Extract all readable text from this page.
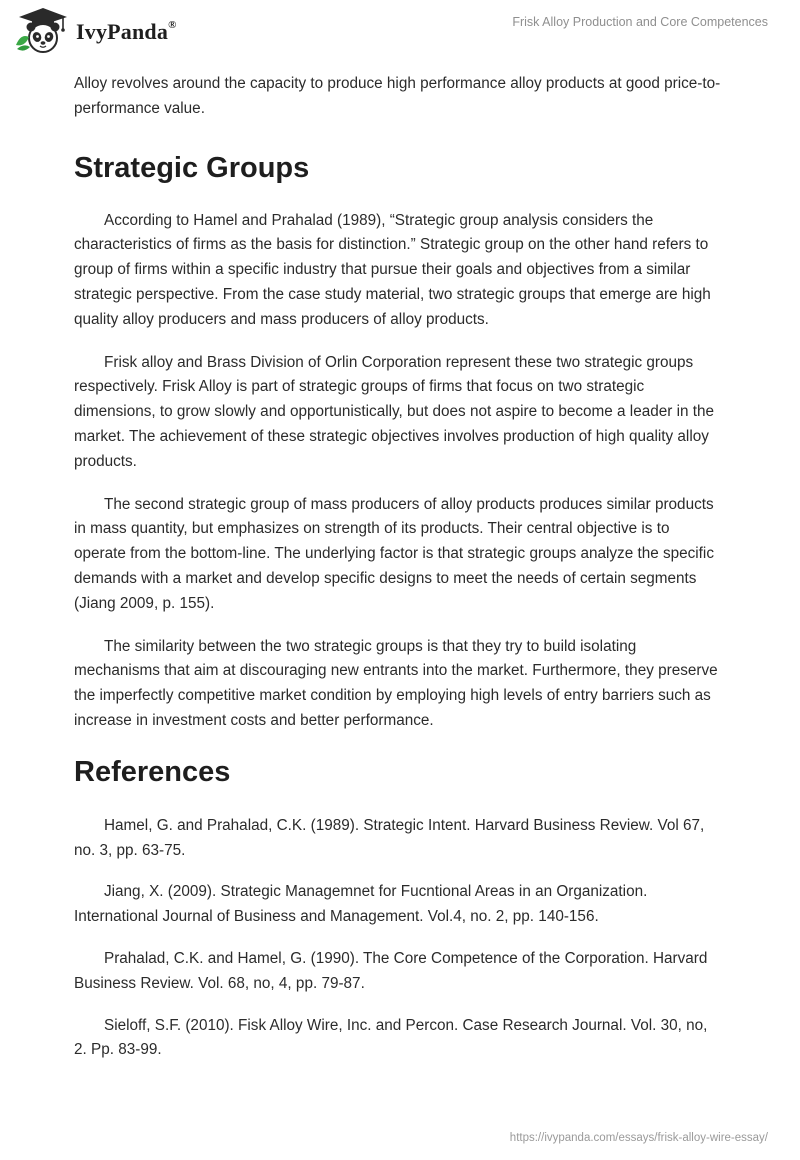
IvyPanda®	Frisk Alloy Production and Core Competences

Alloy revolves around the capacity to produce high performance alloy products at good price-to-performance value.

Strategic Groups

According to Hamel and Prahalad (1989), “Strategic group analysis considers the characteristics of firms as the basis for distinction.” Strategic group on the other hand refers to group of firms within a specific industry that pursue their goals and objectives from a similar strategic perspective. From the case study material, two strategic groups that emerge are high quality alloy producers and mass producers of alloy products.

Frisk alloy and Brass Division of Orlin Corporation represent these two strategic groups respectively. Frisk Alloy is part of strategic groups of firms that focus on two strategic dimensions, to grow slowly and opportunistically, but does not aspire to become a leader in the market. The achievement of these strategic objectives involves production of high quality alloy products.

The second strategic group of mass producers of alloy products produces similar products in mass quantity, but emphasizes on strength of its products. Their central objective is to operate from the bottom-line. The underlying factor is that strategic groups analyze the specific demands with a market and develop specific designs to meet the needs of certain segments (Jiang 2009, p. 155).

The similarity between the two strategic groups is that they try to build isolating mechanisms that aim at discouraging new entrants into the market. Furthermore, they preserve the imperfectly competitive market condition by employing high levels of entry barriers such as increase in investment costs and better performance.

References

Hamel, G. and Prahalad, C.K. (1989). Strategic Intent. Harvard Business Review. Vol 67, no. 3, pp. 63-75.

Jiang, X. (2009). Strategic Managemnet for Fucntional Areas in an Organization. International Journal of Business and Management. Vol.4, no. 2, pp. 140-156.

Prahalad, C.K. and Hamel, G. (1990). The Core Competence of the Corporation. Harvard Business Review. Vol. 68, no, 4, pp. 79-87.

Sieloff, S.F. (2010). Fisk Alloy Wire, Inc. and Percon. Case Research Journal. Vol. 30, no, 2. Pp. 83-99.

https://ivypanda.com/essays/frisk-alloy-wire-essay/
